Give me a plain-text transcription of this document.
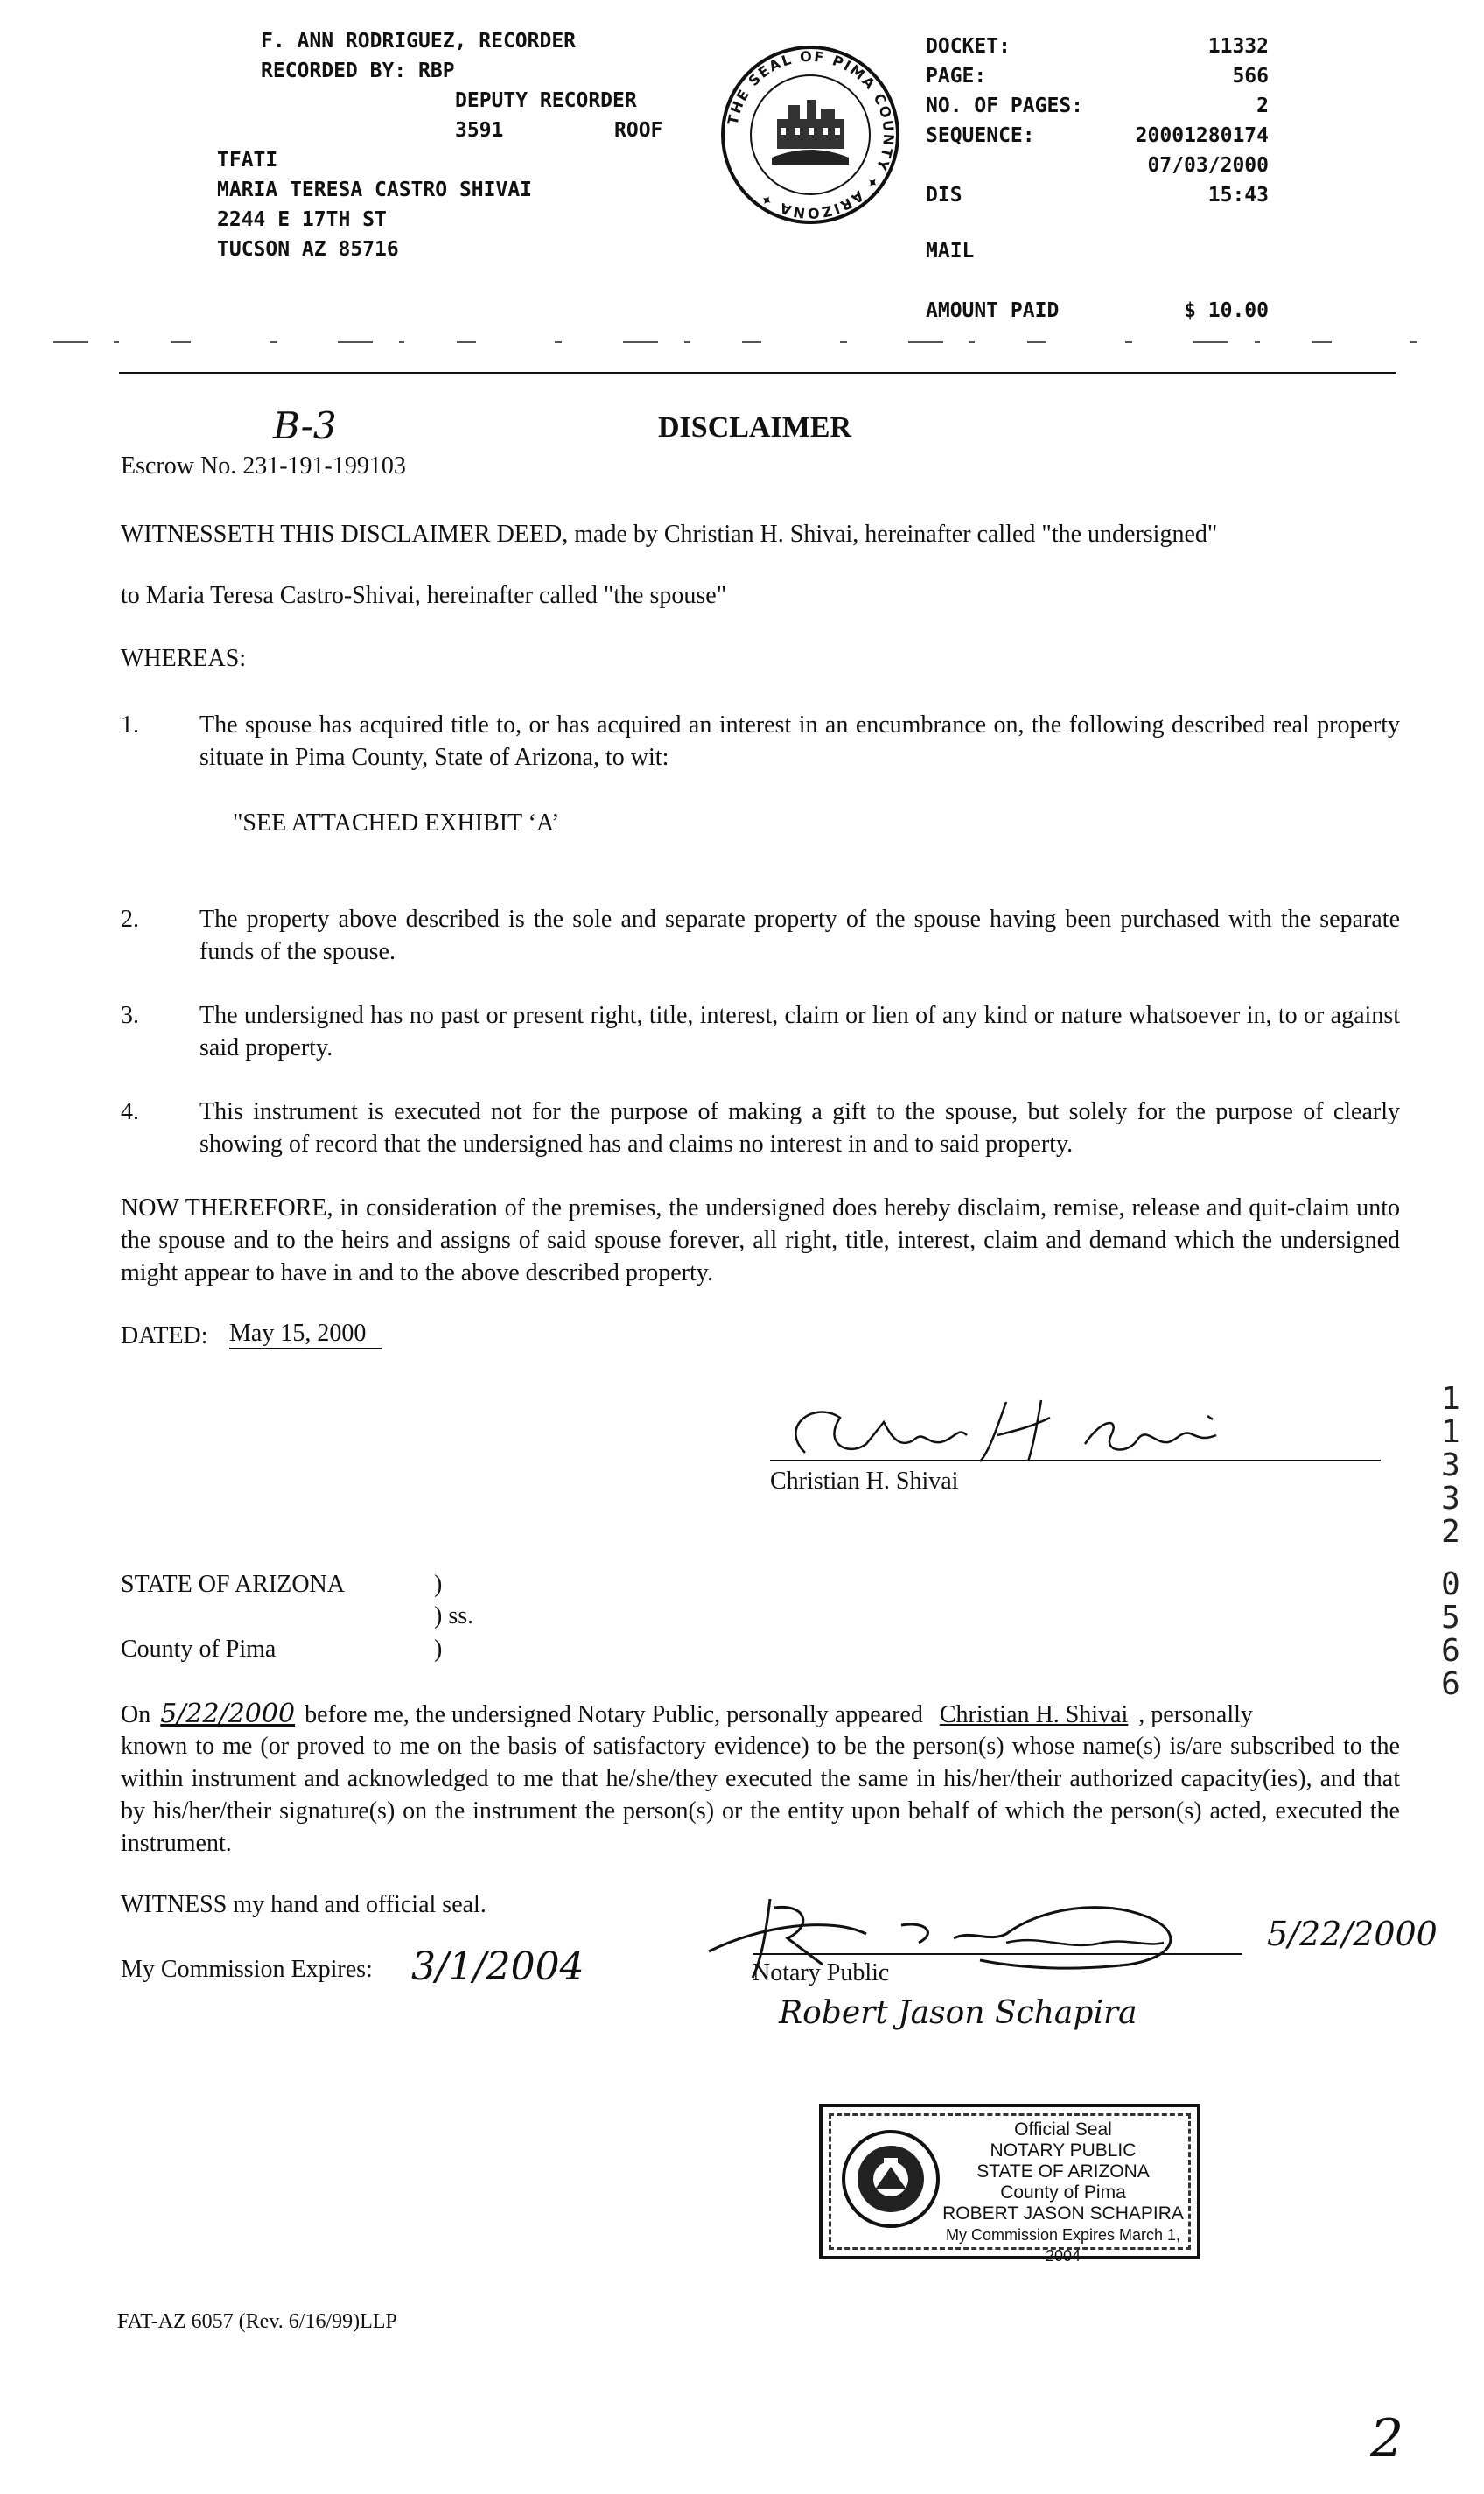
F. ANN RODRIGUEZ, RECORDER
RECORDED BY: RBP
DEPUTY RECORDER
3591	ROOF
TFATI
MARIA TERESA CASTRO SHIVAI
2244 E 17TH ST
TUCSON AZ 85716
DOCKET:	11332
PAGE:	566
NO. OF PAGES:	2
SEQUENCE:	20001280174
07/03/2000
DIS	15:43
MAIL
AMOUNT PAID	$ 10.00
THE SEAL OF PIMA COUNTY ✦ ARIZONA ✦
B-3
Escrow No. 231-191-199103
DISCLAIMER
WITNESSETH THIS DISCLAIMER DEED, made by Christian H. Shivai, hereinafter called "the undersigned"
to Maria Teresa Castro-Shivai, hereinafter called "the spouse"
WHEREAS:
1. The spouse has acquired title to, or has acquired an interest in an encumbrance on, the following described real property situate in Pima County, State of Arizona, to wit:
"SEE ATTACHED EXHIBIT ‘A’
2. The property above described is the sole and separate property of the spouse having been purchased with the separate funds of the spouse.
3. The undersigned has no past or present right, title, interest, claim or lien of any kind or nature whatsoever in, to or against said property.
4. This instrument is executed not for the purpose of making a gift to the spouse, but solely for the purpose of clearly showing of record that the undersigned has and claims no interest in and to said property.
NOW THEREFORE, in consideration of the premises, the undersigned does hereby disclaim, remise, release and quit-claim unto the spouse and to the heirs and assigns of said spouse forever, all right, title, interest, claim and demand which the undersigned might appear to have in and to the above described property.
DATED: May 15, 2000
Christian H. Shivai
1
1
3
3
2
0
5
6
6
STATE OF ARIZONA	)
) ss.
County of Pima	)
On 5/22/2000 before me, the undersigned Notary Public, personally appeared Christian H. Shivai , personally
known to me (or proved to me on the basis of satisfactory evidence) to be the person(s) whose name(s) is/are subscribed to the within instrument and acknowledged to me that he/she/they executed the same in his/her/their authorized capacity(ies), and that by his/her/their signature(s) on the instrument the person(s) or the entity upon behalf of which the person(s) acted, executed the instrument.
WITNESS my hand and official seal.
My Commission Expires: 3/1/2004	Notary Public
5/22/2000
Robert Jason Schapira
Official Seal
NOTARY PUBLIC
STATE OF ARIZONA
County of Pima
ROBERT JASON SCHAPIRA
My Commission Expires March 1, 2004
FAT-AZ 6057 (Rev. 6/16/99)LLP
2
